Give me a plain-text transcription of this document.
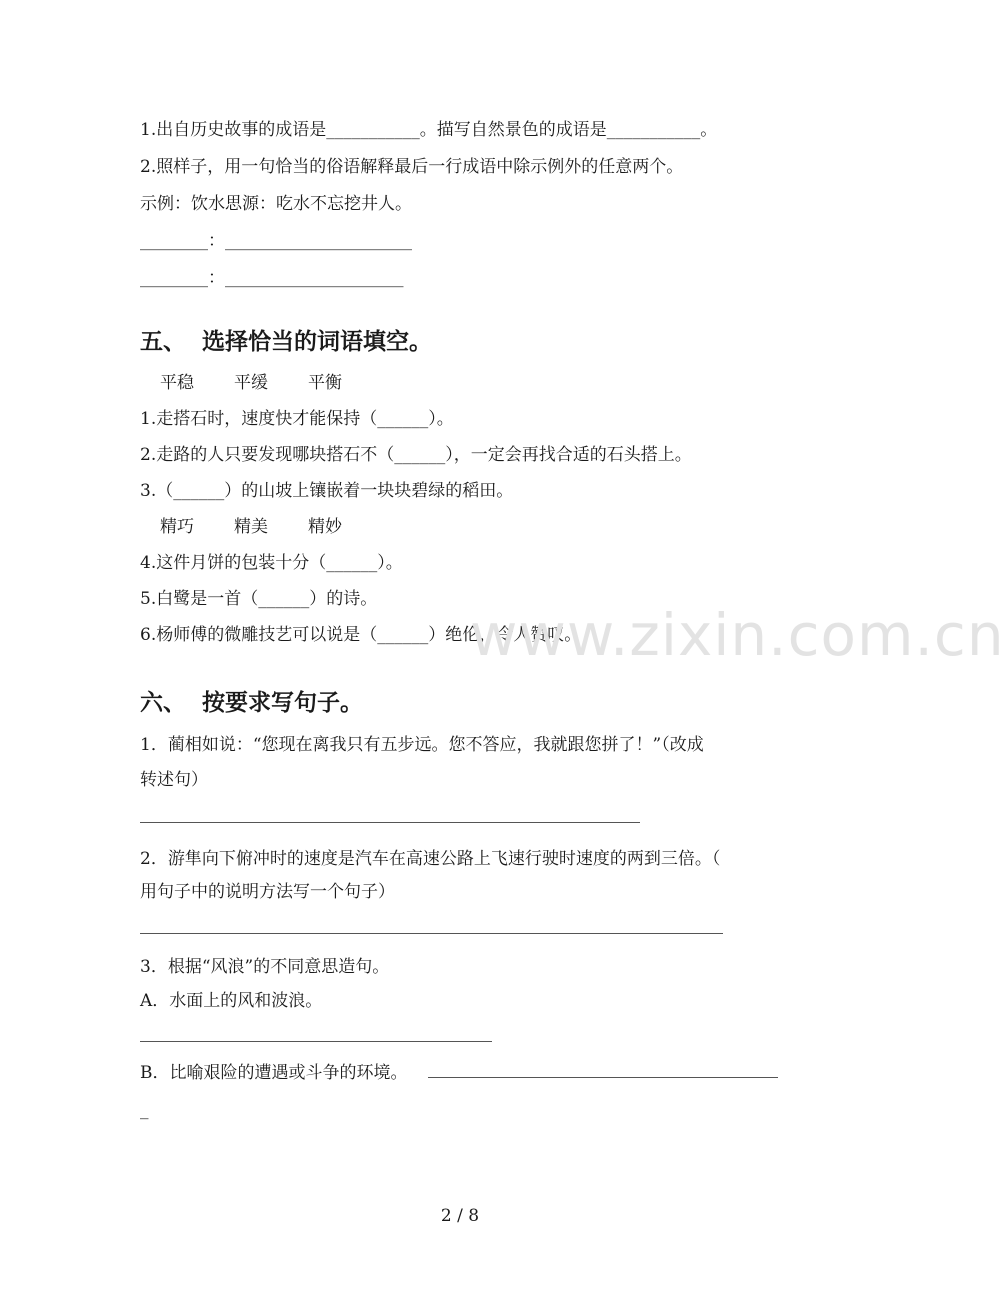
1.出自历史故事的成语是___________。描写自然景色的成语是___________。

2.照样子，用一句恰当的俗语解释最后一行成语中除示例外的任意两个。

示例：饮水思源：吃水不忘挖井人。

________：______________________

________：_____________________

五、 选择恰当的词语填空。

平稳 平缓 平衡

1.走搭石时，速度快才能保持（______）。

2.走路的人只要发现哪块搭石不（______），一定会再找合适的石头搭上。

3.（______）的山坡上镶嵌着一块块碧绿的稻田。

精巧 精美 精妙

4.这件月饼的包装十分（______）。

5.白鹭是一首（______）的诗。

6.杨师傅的微雕技艺可以说是（______）绝伦，令人赞叹。

www.zixin.com.cn
六、 按要求写句子。

1．蔺相如说：“您现在离我只有五步远。您不答应，我就跟您拼了！”（改成

转述句）

2．游隼向下俯冲时的速度是汽车在高速公路上飞速行驶时速度的两到三倍。（

用句子中的说明方法写一个句子）

3．根据“风浪”的不同意思造句。

A．水面上的风和波浪。

B．比喻艰险的遭遇或斗争的环境。

_

2 / 8
